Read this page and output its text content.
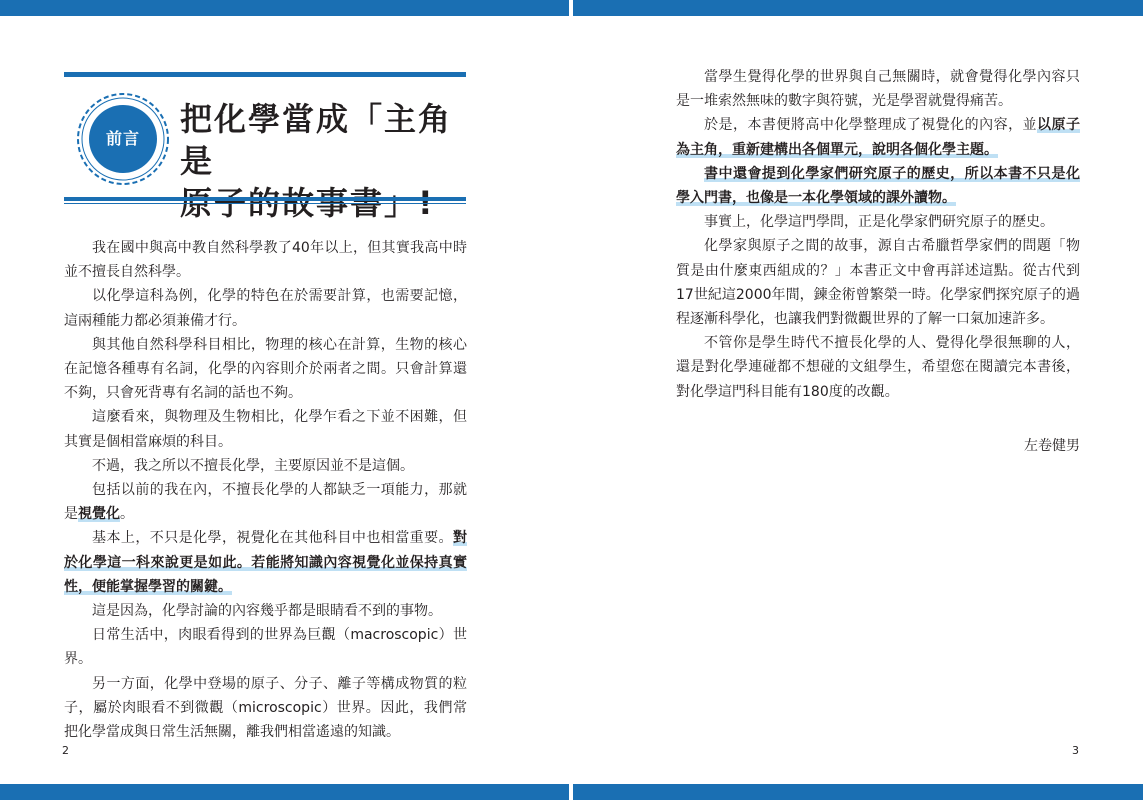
前言
把化學當成「主角是

我在國中與高中教自然科學教了40年以上，但其實我高中時並不擅長自然科學。

以化學這科為例，化學的特色在於需要計算，也需要記憶，這兩種能力都必須兼備才行。

與其他自然科學科目相比，物理的核心在計算，生物的核心在記憶各種專有名詞，化學的內容則介於兩者之間。只會計算還不夠，只會死背專有名詞的話也不夠。

這麼看來，與物理及生物相比，化學乍看之下並不困難，但其實是個相當麻煩的科目。

不過，我之所以不擅長化學，主要原因並不是這個。

包括以前的我在內，不擅長化學的人都缺乏一項能力，那就是視覺化。

基本上，不只是化學，視覺化在其他科目中也相當重要。對於化學這一科來說更是如此。若能將知識內容視覺化並保持真實性，便能掌握學習的關鍵。

這是因為，化學討論的內容幾乎都是眼睛看不到的事物。

日常生活中，肉眼看得到的世界為巨觀（macroscopic）世界。

另一方面，化學中登場的原子、分子、離子等構成物質的粒子，屬於肉眼看不到微觀（microscopic）世界。因此，我們常把化學當成與日常生活無關，離我們相當遙遠的知識。

當學生覺得化學的世界與自己無關時，就會覺得化學內容只是一堆索然無味的數字與符號，光是學習就覺得痛苦。

於是，本書便將高中化學整理成了視覺化的內容，並以原子為主角，重新建構出各個單元，說明各個化學主題。

書中還會提到化學家們研究原子的歷史，所以本書不只是化學入門書，也像是一本化學領域的課外讀物。

事實上，化學這門學問，正是化學家們研究原子的歷史。

化學家與原子之間的故事，源自古希臘哲學家們的問題「物質是由什麼東西組成的？」本書正文中會再詳述這點。從古代到17世紀這2000年間，鍊金術曾繁榮一時。化學家們探究原子的過程逐漸科學化，也讓我們對微觀世界的了解一口氣加速許多。

不管你是學生時代不擅長化學的人、覺得化學很無聊的人，還是對化學連碰都不想碰的文組學生，希望您在閱讀完本書後，對化學這門科目能有180度的改觀。

左卷健男
2	3
